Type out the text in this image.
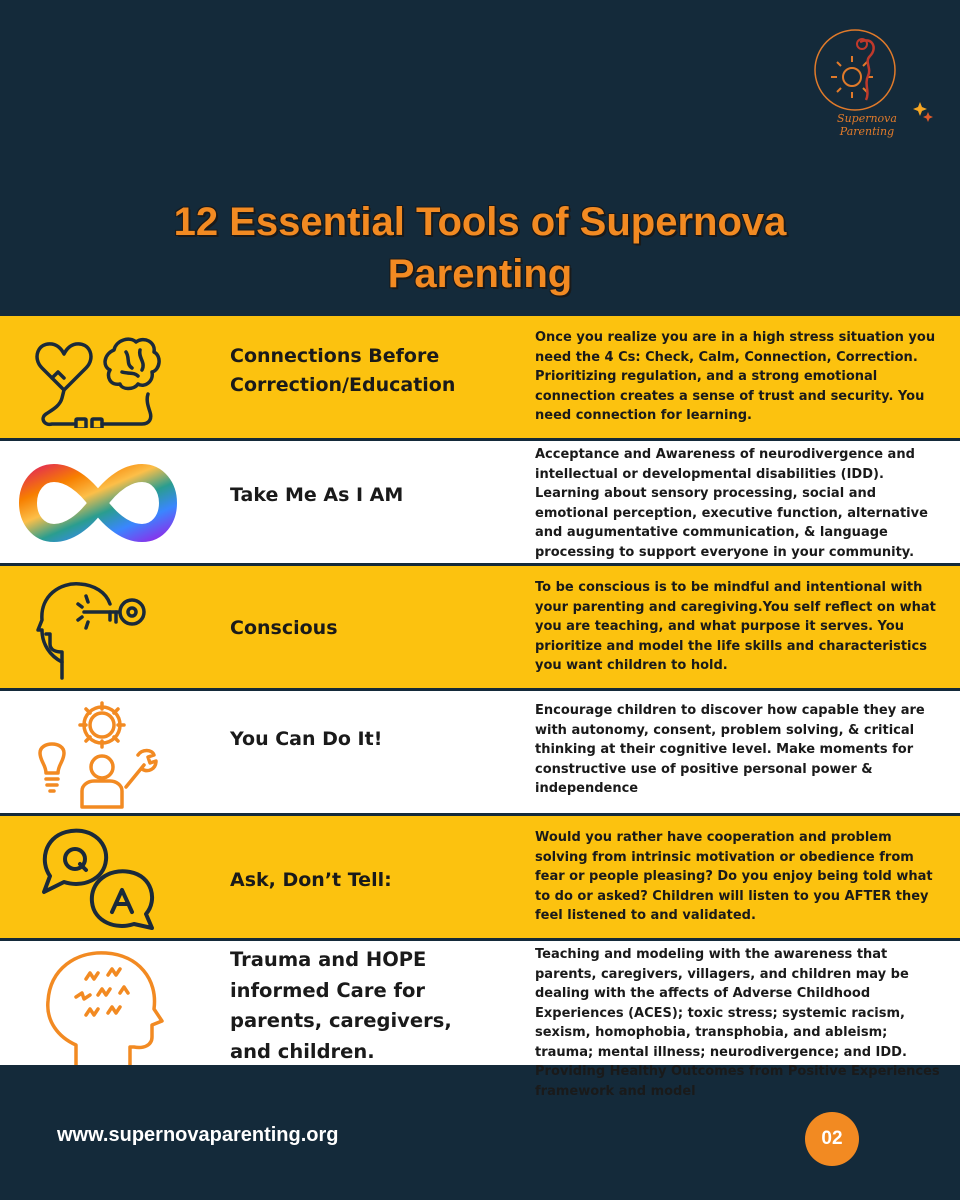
Supernova Parenting
12 Essential Tools of Supernova Parenting
Connections Before Correction/Education
Once you realize you are in a high stress situation you need the 4 Cs: Check, Calm, Connection, Correction. Prioritizing regulation, and a strong emotional connection creates a sense of trust and security. You need connection for learning.
Take Me As I AM
Acceptance and Awareness of neurodivergence and intellectual or developmental disabilities (IDD). Learning about sensory processing, social and emotional perception, executive function, alternative and augumentative communication, & language processing to support everyone in your community.
Conscious
To be conscious is to be mindful and intentional with your parenting and caregiving.You self reflect on what you are teaching, and what purpose it serves. You prioritize and model the life skills and characteristics you want children to hold.
You Can Do It!
Encourage children to discover how capable they are with autonomy, consent, problem solving, & critical thinking at their cognitive level. Make moments for constructive use of positive personal power & independence
Ask, Don’t Tell:
Would you rather have cooperation and problem solving from intrinsic motivation or obedience from fear or people pleasing? Do you enjoy being told what to do or asked? Children will listen to you AFTER they feel listened to and validated.
Trauma and HOPE informed Care for parents, caregivers, and children.
Teaching and modeling with the awareness that parents, caregivers, villagers, and children may be dealing with the affects of Adverse Childhood Experiences (ACES); toxic stress; systemic racism, sexism, homophobia, transphobia, and ableism; trauma; mental illness; neurodivergence; and IDD. Providing Healthy Outcomes from Positive Experiences framework and model
www.supernovaparenting.org	02
